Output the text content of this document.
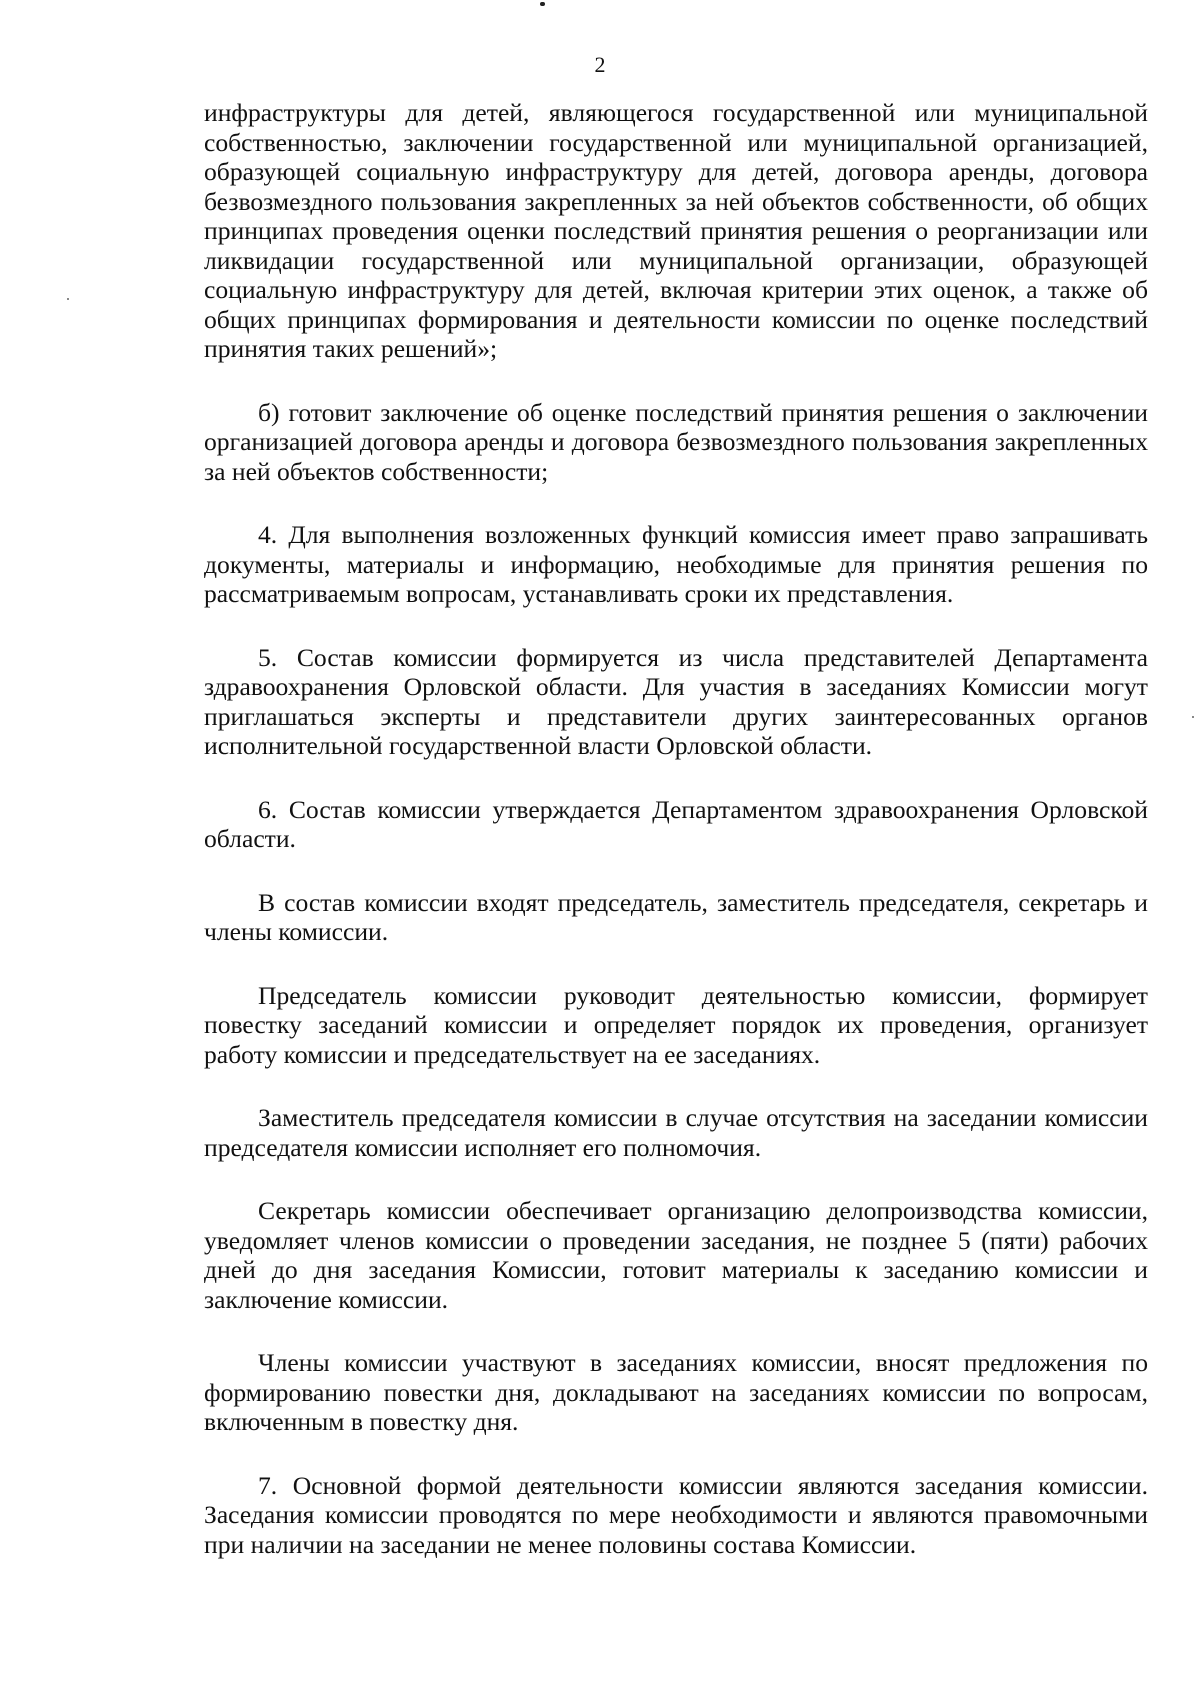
2

инфраструктуры для детей, являющегося государственной или муниципальной собственностью, заключении государственной или муниципальной организацией, образующей социальную инфраструктуру для детей, договора аренды, договора безвозмездного пользования закрепленных за ней объектов собственности, об общих принципах проведения оценки последствий принятия решения о реорганизации или ликвидации государственной или муниципальной организации, образующей социальную инфраструктуру для детей, включая критерии этих оценок, а также об общих принципах формирования и деятельности комиссии по оценке последствий принятия таких решений»;

б) готовит заключение об оценке последствий принятия решения о заключении организацией договора аренды и договора безвозмездного пользования закрепленных за ней объектов собственности;

4. Для выполнения возложенных функций комиссия имеет право запрашивать документы, материалы и информацию, необходимые для принятия решения по рассматриваемым вопросам, устанавливать сроки их представления.

5. Состав комиссии формируется из числа представителей Департамента здравоохранения Орловской области. Для участия в заседаниях Комиссии могут приглашаться эксперты и представители других заинтересованных органов исполнительной государственной власти Орловской области.

6. Состав комиссии утверждается Департаментом здравоохранения Орловской области.

В состав комиссии входят председатель, заместитель председателя, секретарь и члены комиссии.

Председатель комиссии руководит деятельностью комиссии, формирует повестку заседаний комиссии и определяет порядок их проведения, организует работу комиссии и председательствует на ее заседаниях.

Заместитель председателя комиссии в случае отсутствия на заседании комиссии председателя комиссии исполняет его полномочия.

Секретарь комиссии обеспечивает организацию делопроизводства комиссии, уведомляет членов комиссии о проведении заседания, не позднее 5 (пяти) рабочих дней до дня заседания Комиссии, готовит материалы к заседанию комиссии и заключение комиссии.

Члены комиссии участвуют в заседаниях комиссии, вносят предложения по формированию повестки дня, докладывают на заседаниях комиссии по вопросам, включенным в повестку дня.

7. Основной формой деятельности комиссии являются заседания комиссии. Заседания комиссии проводятся по мере необходимости и являются правомочными при наличии на заседании не менее половины состава Комиссии.
